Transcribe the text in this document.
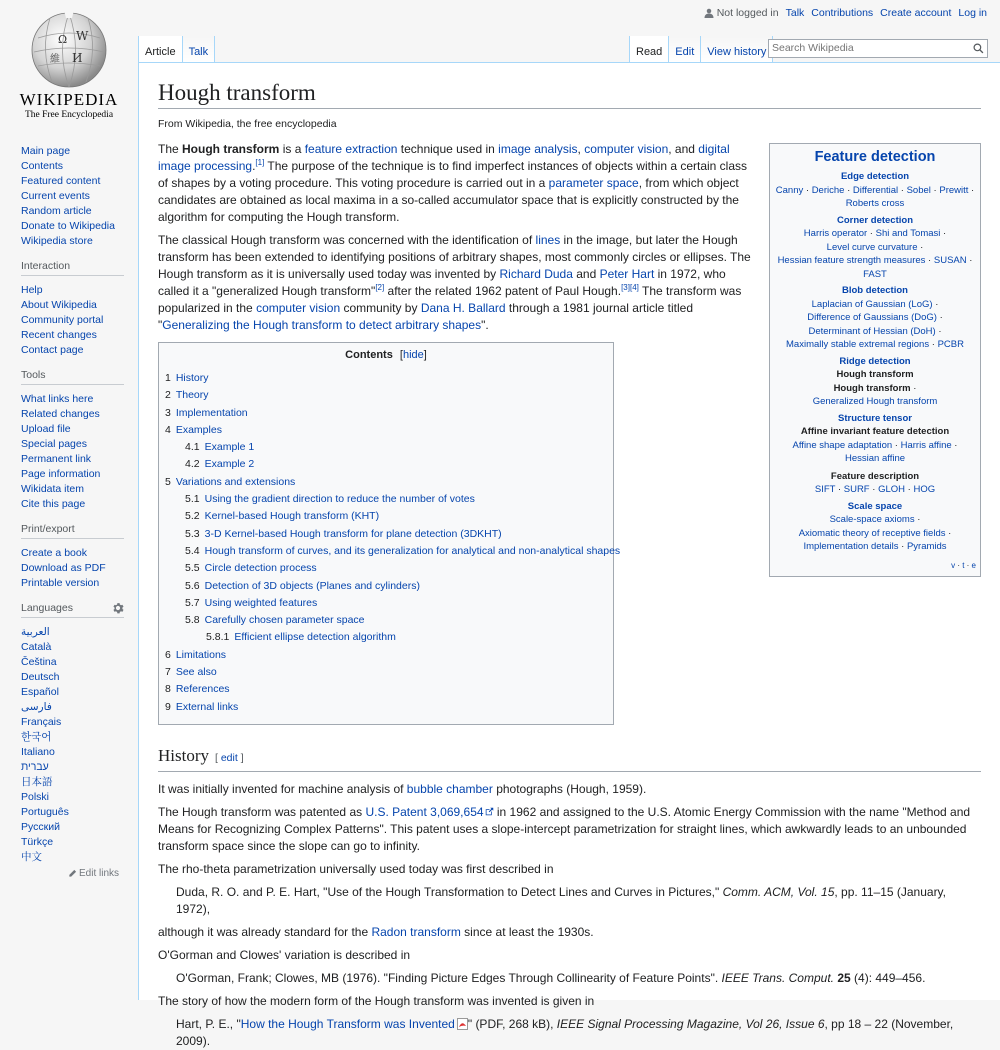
Not logged in Talk Contributions Create account Log in
Ω W
維 И
WIKIPEDIA
The Free Encyclopedia
Main page
Contents
Featured content
Current events
Random article
Donate to Wikipedia
Wikipedia store
Interaction
Help
About Wikipedia
Community portal
Recent changes
Contact page
Tools
What links here
Related changes
Upload file
Special pages
Permanent link
Page information
Wikidata item
Cite this page
Print/export
Create a book
Download as PDF
Printable version
Languages
العربية
Català
Čeština
Deutsch
Español
فارسی
Français
한국어
Italiano
עברית
日本語
Polski
Português
Русский
Türkçe
中文
Edit links
Article Talk	Read Edit View history
Search Wikipedia
Hough transform
From Wikipedia, the free encyclopedia
Feature detection
Edge detection
Canny · Deriche · Differential · Sobel · Prewitt ·
Roberts cross
Corner detection
Harris operator · Shi and Tomasi ·
Level curve curvature ·
Hessian feature strength measures · SUSAN ·
FAST
Blob detection
Laplacian of Gaussian (LoG) ·
Difference of Gaussians (DoG) ·
Determinant of Hessian (DoH) ·
Maximally stable extremal regions · PCBR
Ridge detection
Hough transform
Hough transform ·
Generalized Hough transform
Structure tensor
Affine invariant feature detection
Affine shape adaptation · Harris affine ·
Hessian affine
Feature description
SIFT · SURF · GLOH · HOG
Scale space
Scale-space axioms ·
Axiomatic theory of receptive fields ·
Implementation details · Pyramids
v · t · e

The Hough transform is a feature extraction technique used in image analysis, computer vision, and digital image processing.[1] The purpose of the technique is to find imperfect instances of objects within a certain class of shapes by a voting procedure. This voting procedure is carried out in a parameter space, from which object candidates are obtained as local maxima in a so-called accumulator space that is explicitly constructed by the algorithm for computing the Hough transform.

The classical Hough transform was concerned with the identification of lines in the image, but later the Hough transform has been extended to identifying positions of arbitrary shapes, most commonly circles or ellipses. The Hough transform as it is universally used today was invented by Richard Duda and Peter Hart in 1972, who called it a "generalized Hough transform"[2] after the related 1962 patent of Paul Hough.[3][4] The transform was popularized in the computer vision community by Dana H. Ballard through a 1981 journal article titled "Generalizing the Hough transform to detect arbitrary shapes".

Contents [hide]
1 History
2 Theory
3 Implementation
4 Examples
4.1 Example 1
4.2 Example 2
5 Variations and extensions
5.1 Using the gradient direction to reduce the number of votes
5.2 Kernel-based Hough transform (KHT)
5.3 3-D Kernel-based Hough transform for plane detection (3DKHT)
5.4 Hough transform of curves, and its generalization for analytical and non-analytical shapes
5.5 Circle detection process
5.6 Detection of 3D objects (Planes and cylinders)
5.7 Using weighted features
5.8 Carefully chosen parameter space
5.8.1 Efficient ellipse detection algorithm
6 Limitations
7 See also
8 References
9 External links
History [ edit ]

It was initially invented for machine analysis of bubble chamber photographs (Hough, 1959).

The Hough transform was patented as U.S. Patent 3,069,654 in 1962 and assigned to the U.S. Atomic Energy Commission with the name "Method and Means for Recognizing Complex Patterns". This patent uses a slope-intercept parametrization for straight lines, which awkwardly leads to an unbounded transform space since the slope can go to infinity.

The rho-theta parametrization universally used today was first described in

Duda, R. O. and P. E. Hart, "Use of the Hough Transformation to Detect Lines and Curves in Pictures," Comm. ACM, Vol. 15, pp. 11–15 (January, 1972),

although it was already standard for the Radon transform since at least the 1930s.

O'Gorman and Clowes' variation is described in

O'Gorman, Frank; Clowes, MB (1976). "Finding Picture Edges Through Collinearity of Feature Points". IEEE Trans. Comput. 25 (4): 449–456.

The story of how the modern form of the Hough transform was invented is given in

Hart, P. E., "How the Hough Transform was Invented " (PDF, 268 kB), IEEE Signal Processing Magazine, Vol 26, Issue 6, pp 18 – 22 (November, 2009).
